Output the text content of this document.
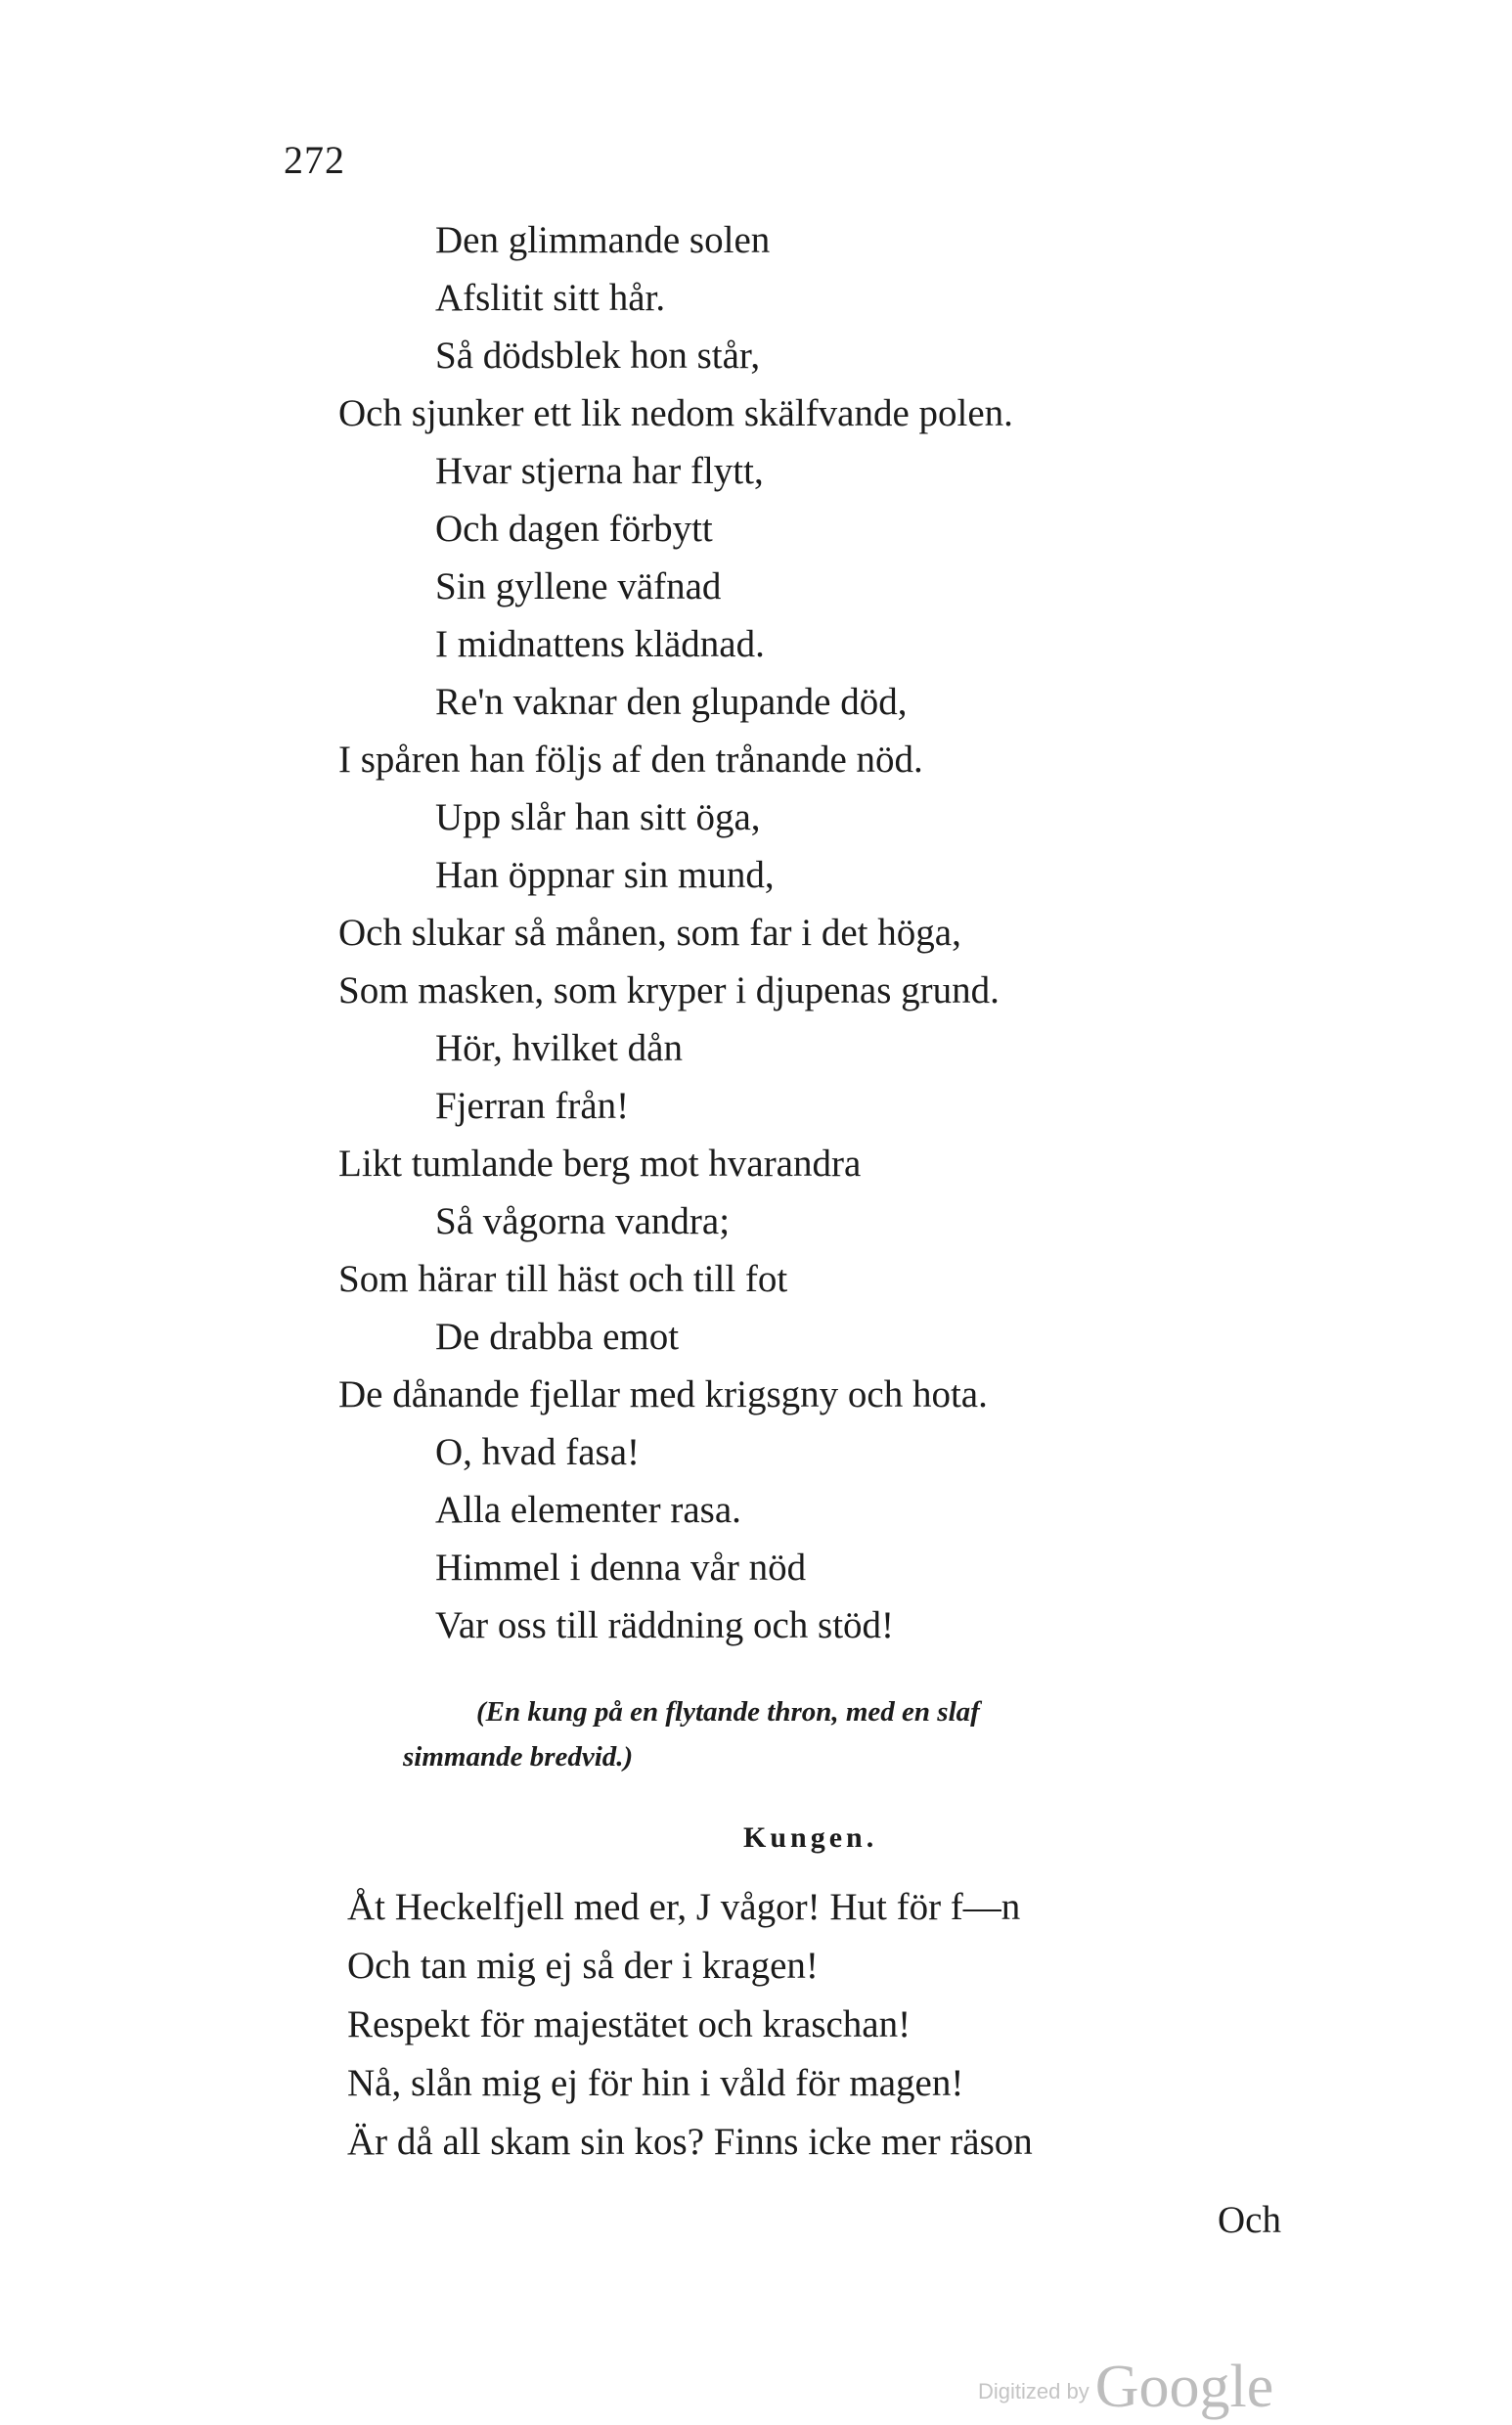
272
Den glimmande solen
Afslitit sitt hår.
Så dödsblek hon står,
Och sjunker ett lik nedom skälfvande polen.
Hvar stjerna har flytt,
Och dagen förbytt
Sin gyllene väfnad
I midnattens klädnad.
Re'n vaknar den glupande död,
I spåren han följs af den trånande nöd.
Upp slår han sitt öga,
Han öppnar sin mund,
Och slukar så månen, som far i det höga,
Som masken, som kryper i djupenas grund.
Hör, hvilket dån
Fjerran från!
Likt tumlande berg mot hvarandra
Så vågorna vandra;
Som härar till häst och till fot
De drabba emot
De dånande fjellar med krigsgny och hota.
O, hvad fasa!
Alla elementer rasa.
Himmel i denna vår nöd
Var oss till räddning och stöd!
(En kung på en flytande thron, med en slaf
simmande bredvid.)
Kungen.
Åt Heckelfjell med er, J vågor! Hut för f—n
Och tan mig ej så der i kragen!
Respekt för majestätet och kraschan!
Nå, slån mig ej för hin i våld för magen!
Är då all skam sin kos? Finns icke mer räson
Och
Digitized byGoogle
